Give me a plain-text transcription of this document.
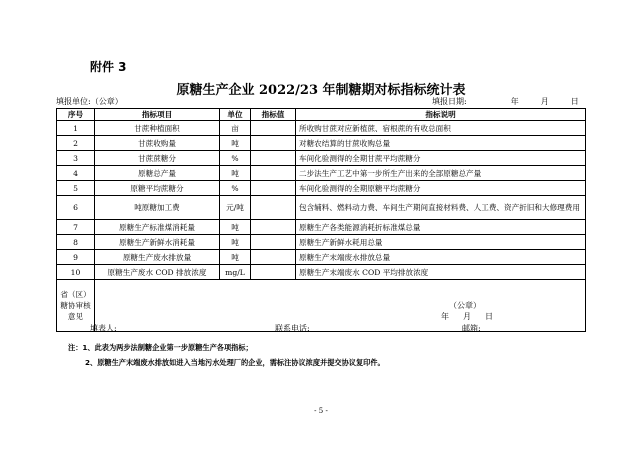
附件 3
原糖生产企业 2022/23 年制糖期对标指标统计表
填报单位:（公章）	填报日期:	年	月	日
序号	指标项目	单位	指标值	指标说明
1	甘蔗种植面积	亩		所收购甘蔗对应新植蔗、宿根蔗的有收总面积
2	甘蔗收购量	吨		对糖农结算的甘蔗收购总量
3	甘蔗蔗糖分	%		车间化验测得的全期甘蔗平均蔗糖分
4	原糖总产量	吨		二步法生产工艺中第一步所生产出来的全部原糖总产量
5	原糖平均蔗糖分	%		车间化验测得的全期原糖平均蔗糖分
6	吨原糖加工费	元/吨		包含辅料、燃料动力费、车间生产期间直接材料费、人工费、资产折旧和大修理费用
7	原糖生产标准煤消耗量	吨		原糖生产各类能源消耗折标准煤总量
8	原糖生产新鲜水消耗量	吨		原糖生产新鲜水耗用总量
9	原糖生产废水排放量	吨		原糖生产末端废水排放总量
10	原糖生产废水 COD 排放浓度	mg/L		原糖生产末端废水 COD 平均排放浓度
省（区）糖协审核意见	（公章）
年 月 日			
填表人:	联系电话:	邮箱:
注：1、此表为两步法制糖企业第一步原糖生产各项指标；
2、原糖生产末端废水排放如进入当地污水处理厂的企业，需标注协议浓度并提交协议复印件。
- 5 -
